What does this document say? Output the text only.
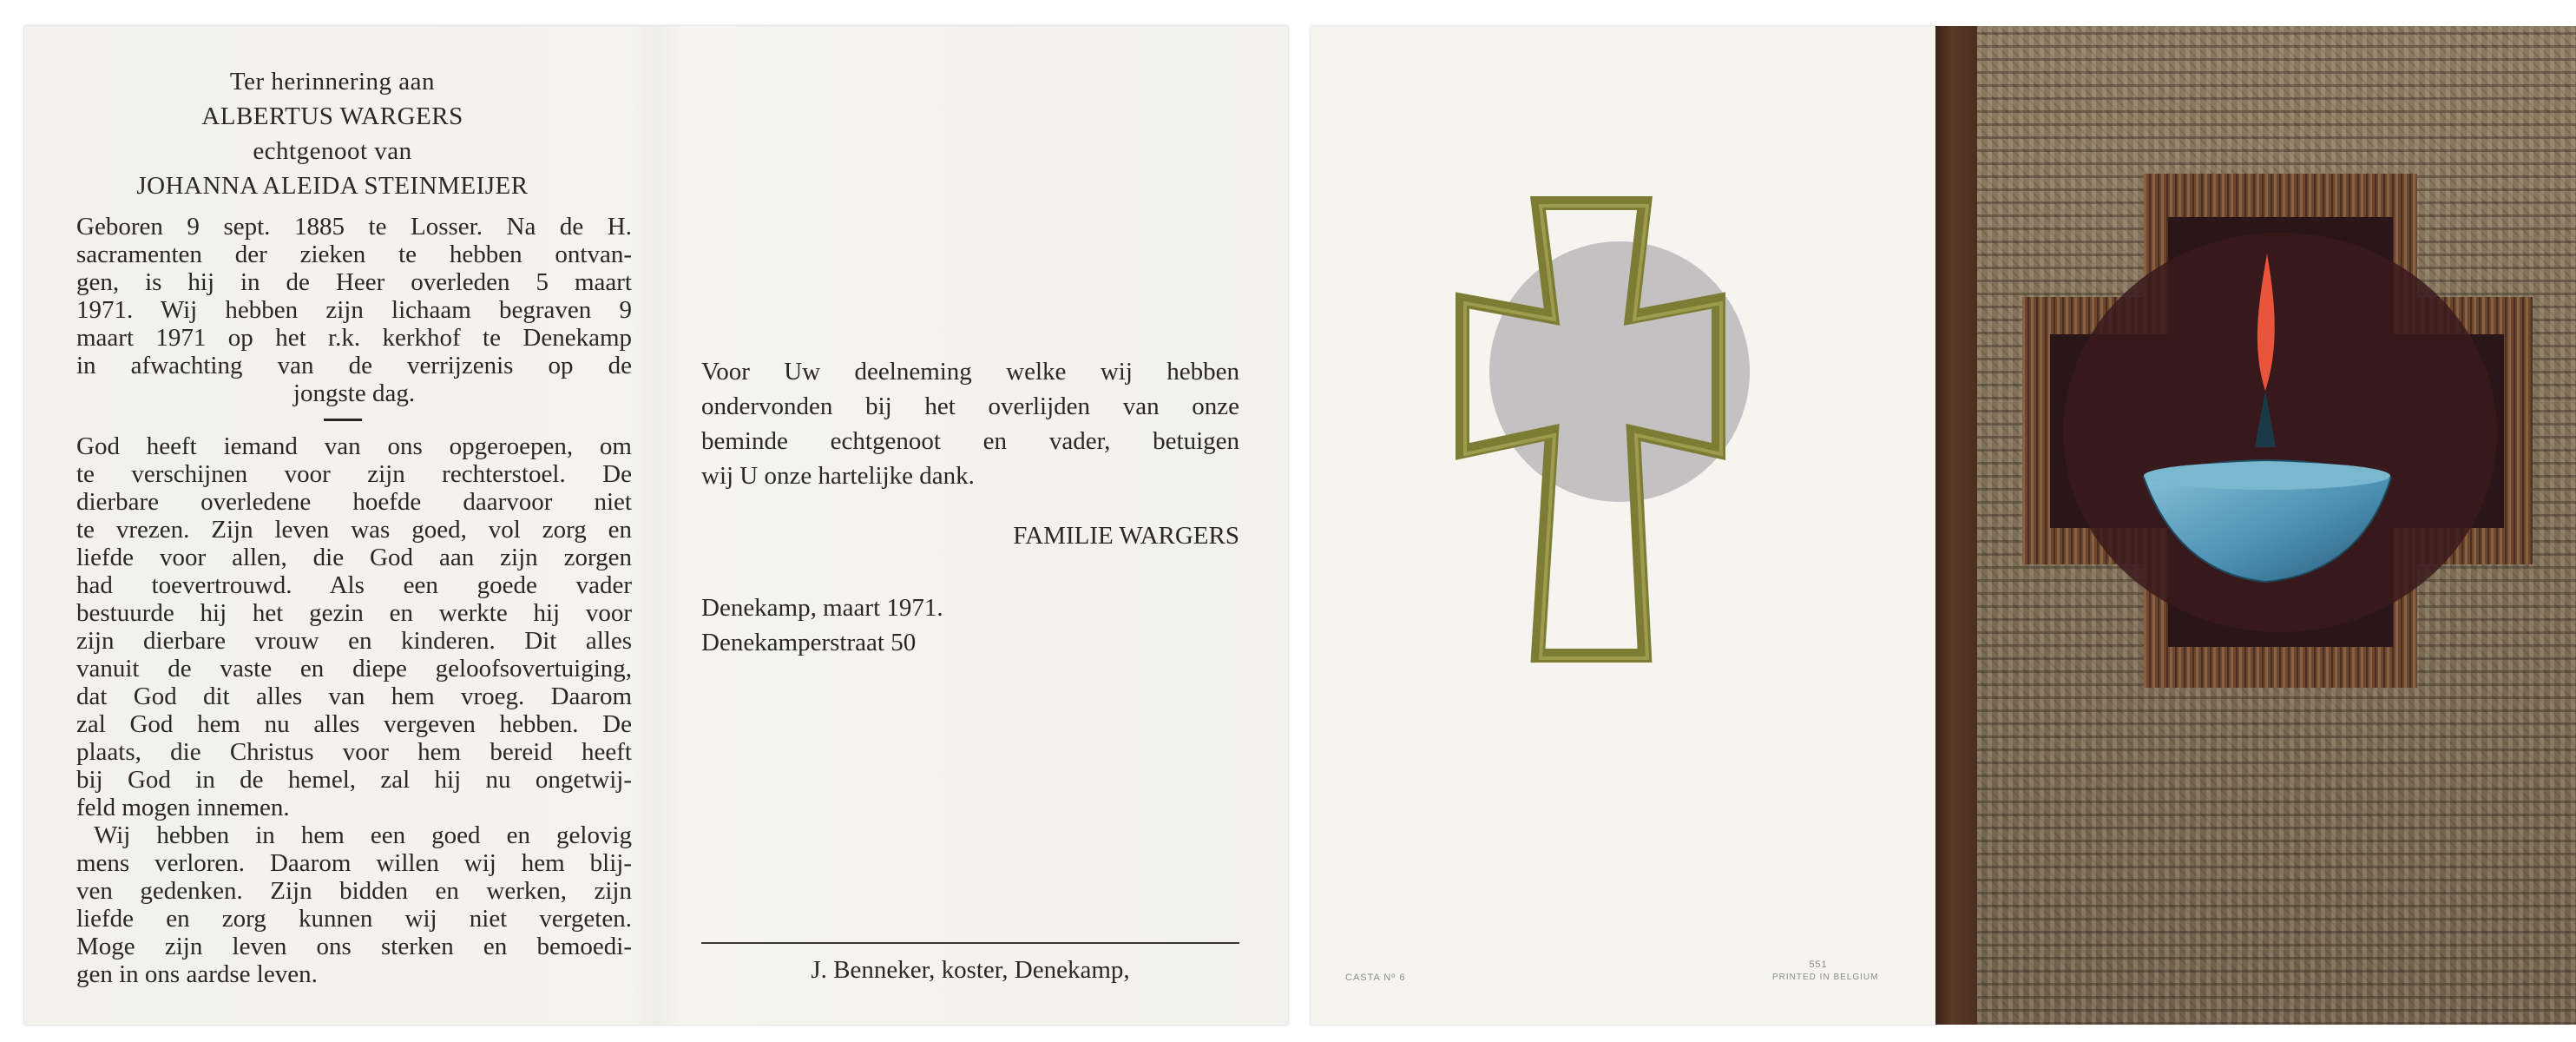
Ter herinnering aan
ALBERTUS WARGERS
echtgenoot van
JOHANNA ALEIDA STEINMEIJER
Geboren 9 sept. 1885 te Losser. Na de H.
sacramenten der zieken te hebben ontvan-
gen, is hij in de Heer overleden 5 maart
1971. Wij hebben zijn lichaam begraven 9
maart 1971 op het r.k. kerkhof te Denekamp
in afwachting van de verrijzenis op de
jongste dag.
God heeft iemand van ons opgeroepen, om
te verschijnen voor zijn rechterstoel. De
dierbare overledene hoefde daarvoor niet
te vrezen. Zijn leven was goed, vol zorg en
liefde voor allen, die God aan zijn zorgen
had toevertrouwd. Als een goede vader
bestuurde hij het gezin en werkte hij voor
zijn dierbare vrouw en kinderen. Dit alles
vanuit de vaste en diepe geloofsovertuiging,
dat God dit alles van hem vroeg. Daarom
zal God hem nu alles vergeven hebben. De
plaats, die Christus voor hem bereid heeft
bij God in de hemel, zal hij nu ongetwij-
feld mogen innemen.
Wij hebben in hem een goed en gelovig
mens verloren. Daarom willen wij hem blij-
ven gedenken. Zijn bidden en werken, zijn
liefde en zorg kunnen wij niet vergeten.
Moge zijn leven ons sterken en bemoedi-
gen in ons aardse leven.
Voor Uw deelneming welke wij hebben
ondervonden bij het overlijden van onze
beminde echtgenoot en vader, betuigen
wij U onze hartelijke dank.
FAMILIE WARGERS
Denekamp, maart 1971.
Denekamperstraat 50
J. Benneker, koster, Denekamp,	CASTA Nº 6
551
PRINTED IN BELGIUM
